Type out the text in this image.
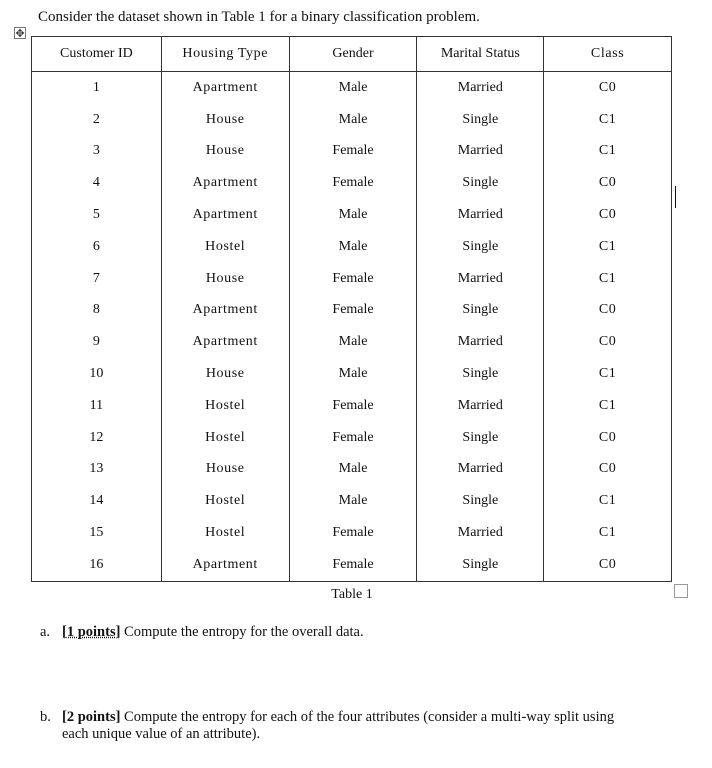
Consider the dataset shown in Table 1 for a binary classification problem.
✥
Customer ID	Housing Type	Gender	Marital Status	Class
1	Apartment	Male	Married	C0
2	House	Male	Single	C1
3	House	Female	Married	C1
4	Apartment	Female	Single	C0
5	Apartment	Male	Married	C0
6	Hostel	Male	Single	C1
7	House	Female	Married	C1
8	Apartment	Female	Single	C0
9	Apartment	Male	Married	C0
10	House	Male	Single	C1
11	Hostel	Female	Married	C1
12	Hostel	Female	Single	C0
13	House	Male	Married	C0
14	Hostel	Male	Single	C1
15	Hostel	Female	Married	C1
16	Apartment	Female	Single	C0
Table 1
a. [1 points] Compute the entropy for the overall data.
b. [2 points] Compute the entropy for each of the four attributes (consider a multi-way split using
each unique value of an attribute).
